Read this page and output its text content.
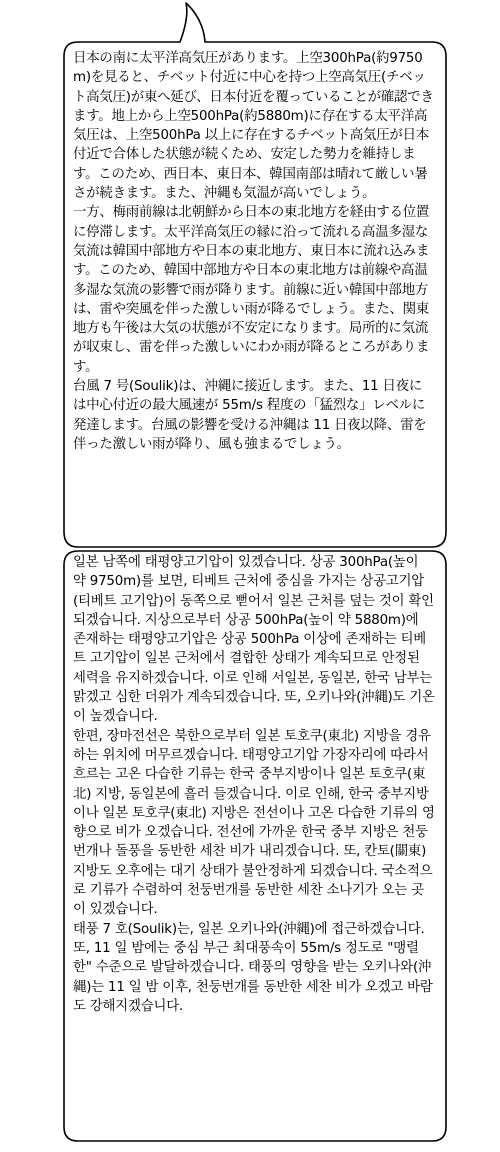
日本の南に太平洋高気圧があります。上空300hPa(約9750m)を見ると、チベット付近に中心を持つ上空高気圧(チベット高気圧)が東へ延び、日本付近を覆っていることが確認できます。地上から上空500hPa(約5880m)に存在する太平洋高気圧は、上空500hPa 以上に存在するチベット高気圧が日本付近で合体した状態が続くため、安定した勢力を維持します。このため、西日本、東日本、韓国南部は晴れて厳しい暑さが続きます。また、沖縄も気温が高いでしょう。
一方、梅雨前線は北朝鮮から日本の東北地方を経由する位置に停滞します。太平洋高気圧の縁に沿って流れる高温多湿な気流は韓国中部地方や日本の東北地方、東日本に流れ込みます。このため、韓国中部地方や日本の東北地方は前線や高温多湿な気流の影響で雨が降ります。前線に近い韓国中部地方は、雷や突風を伴った激しい雨が降るでしょう。また、関東地方も午後は大気の状態が不安定になります。局所的に気流が収束し、雷を伴った激しいにわか雨が降るところがあります。
台風 7 号(Soulik)は、沖縄に接近します。また、11 日夜には中心付近の最大風速が 55m/s 程度の「猛烈な」レベルに発達します。台風の影響を受ける沖縄は 11 日夜以降、雷を伴った激しい雨が降り、風も強まるでしょう。
일본 남쪽에 태평양고기압이 있겠습니다. 상공 300hPa(높이 약 9750m)를 보면, 티베트 근처에 중심을 가지는 상공고기압(티베트 고기압)이 동쪽으로 뻗어서 일본 근처를 덮는 것이 확인되겠습니다. 지상으로부터 상공 500hPa(높이 약 5880m)에 존재하는 태평양고기압은 상공 500hPa 이상에 존재하는 티베트 고기압이 일본 근처에서 결합한 상태가 계속되므로 안정된 세력을 유지하겠습니다. 이로 인해 서일본, 동일본, 한국 남부는 맑겠고 심한 더위가 계속되겠습니다. 또, 오키나와(沖縄)도 기온이 높겠습니다.
한편, 장마전선은 북한으로부터 일본 토호쿠(東北) 지방을 경유하는 위치에 머무르겠습니다. 태평양고기압 가장자리에 따라서 흐르는 고온 다습한 기류는 한국 중부지방이나 일본 토호쿠(東北) 지방, 동일본에 흘러 들겠습니다. 이로 인해, 한국 중부지방이나 일본 토호쿠(東北) 지방은 전선이나 고온 다습한 기류의 영향으로 비가 오겠습니다. 전선에 가까운 한국 중부 지방은 천둥번개나 돌풍을 동반한 세찬 비가 내리겠습니다. 또, 칸토(關東) 지방도 오후에는 대기 상태가 불안정하게 되겠습니다. 국소적으로 기류가 수렴하여 천둥번개를 동반한 세찬 소나기가 오는 곳이 있겠습니다.
태풍 7 호(Soulik)는, 일본 오키나와(沖縄)에 접근하겠습니다. 또, 11 일 밤에는 중심 부근 최대풍속이 55m/s 정도로 "맹렬한" 수준으로 발달하겠습니다. 태풍의 영향을 받는 오키나와(沖縄)는 11 일 밤 이후, 천둥번개를 동반한 세찬 비가 오겠고 바람도 강해지겠습니다.
